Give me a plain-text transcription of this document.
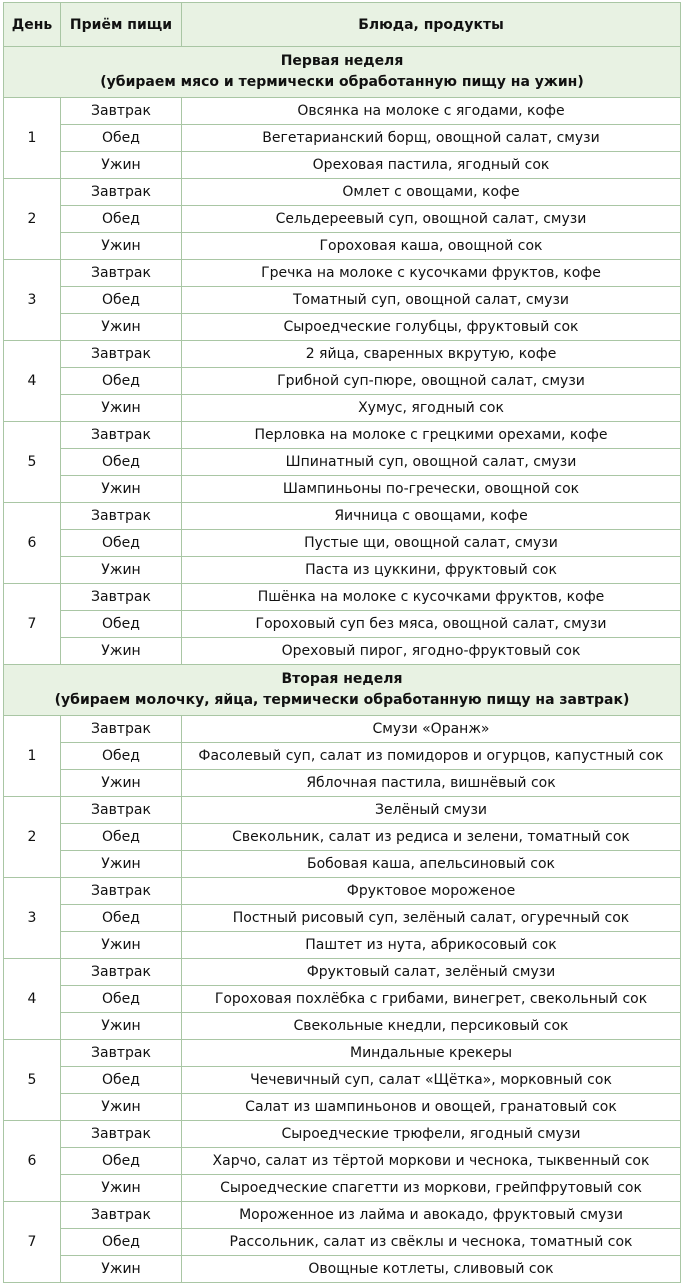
День	Приём пищи	Блюда, продукты

Первая неделя
(убираем мясо и термически обработанную пищу на ужин)		

1	Завтрак	Овсянка на молоке с ягодами, кофе
	Обед	Вегетарианский борщ, овощной салат, смузи
	Ужин	Ореховая пастила, ягодный сок
2	Завтрак	Омлет с овощами, кофе
	Обед	Сельдереевый суп, овощной салат, смузи
	Ужин	Гороховая каша, овощной сок
3	Завтрак	Гречка на молоке с кусочками фруктов, кофе
	Обед	Томатный суп, овощной салат, смузи
	Ужин	Сыроедческие голубцы, фруктовый сок
4	Завтрак	2 яйца, сваренных вкрутую, кофе
	Обед	Грибной суп-пюре, овощной салат, смузи
	Ужин	Хумус, ягодный сок
5	Завтрак	Перловка на молоке с грецкими орехами, кофе
	Обед	Шпинатный суп, овощной салат, смузи
	Ужин	Шампиньоны по-гречески, овощной сок
6	Завтрак	Яичница с овощами, кофе
	Обед	Пустые щи, овощной салат, смузи
	Ужин	Паста из цуккини, фруктовый сок
7	Завтрак	Пшёнка на молоке с кусочками фруктов, кофе
	Обед	Гороховый суп без мяса, овощной салат, смузи
	Ужин	Ореховый пирог, ягодно-фруктовый сок

Вторая неделя
(убираем молочку, яйца, термически обработанную пищу на завтрак)		

1	Завтрак	Смузи «Оранж»
	Обед	Фасолевый суп, салат из помидоров и огурцов, капустный сок
	Ужин	Яблочная пастила, вишнёвый сок
2	Завтрак	Зелёный смузи
	Обед	Свекольник, салат из редиса и зелени, томатный сок
	Ужин	Бобовая каша, апельсиновый сок
3	Завтрак	Фруктовое мороженое
	Обед	Постный рисовый суп, зелёный салат, огуречный сок
	Ужин	Паштет из нута, абрикосовый сок
4	Завтрак	Фруктовый салат, зелёный смузи
	Обед	Гороховая похлёбка с грибами, винегрет, свекольный сок
	Ужин	Свекольные кнедли, персиковый сок
5	Завтрак	Миндальные крекеры
	Обед	Чечевичный суп, салат «Щётка», морковный сок
	Ужин	Салат из шампиньонов и овощей, гранатовый сок
6	Завтрак	Сыроедческие трюфели, ягодный смузи
	Обед	Харчо, салат из тёртой моркови и чеснока, тыквенный сок
	Ужин	Сыроедческие спагетти из моркови, грейпфрутовый сок
7	Завтрак	Мороженное из лайма и авокадо, фруктовый смузи
	Обед	Рассольник, салат из свёклы и чеснока, томатный сок
	Ужин	Овощные котлеты, сливовый сок
